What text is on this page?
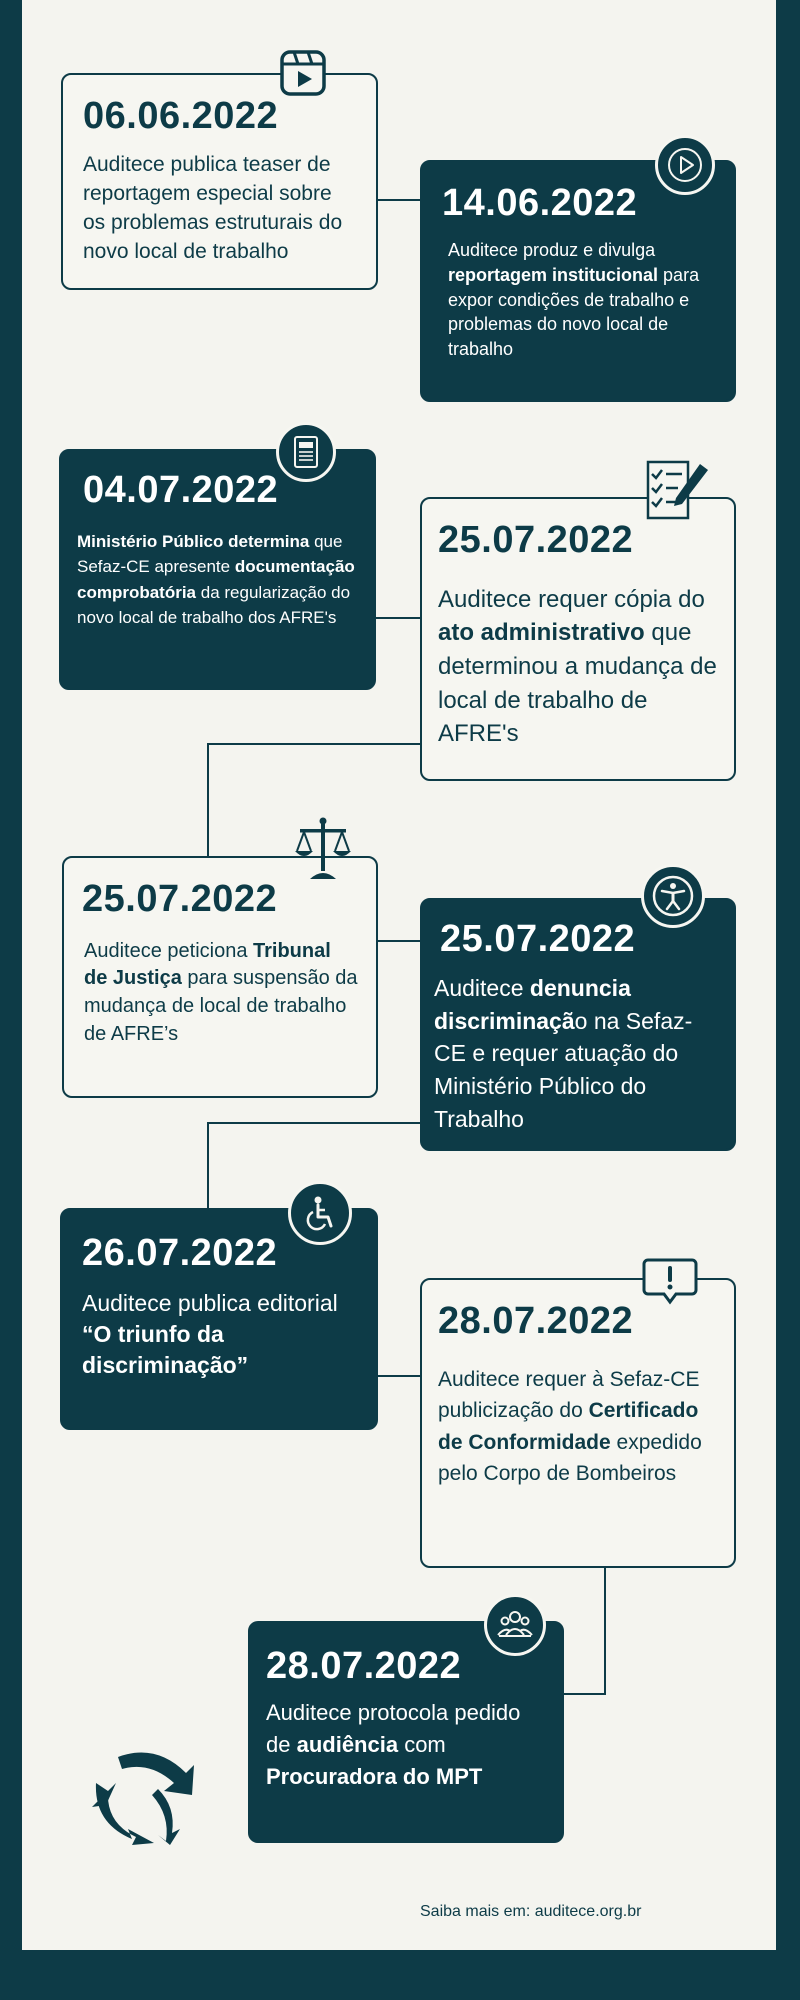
06.06.2022
Auditece publica teaser de reportagem especial sobre os problemas estruturais do novo local de trabalho
14.06.2022
Auditece produz e divulga reportagem institucional para expor condições de trabalho e problemas do novo local de trabalho
04.07.2022
Ministério Público determina que Sefaz-CE apresente documentação comprobatória da regularização do novo local de trabalho dos AFRE's
25.07.2022
Auditece requer cópia do ato administrativo que determinou a mudança de local de trabalho de AFRE's
25.07.2022
Auditece peticiona Tribunal de Justiça para suspensão da mudança de local de trabalho de AFRE’s
25.07.2022
Auditece denuncia discriminação na Sefaz-CE e requer atuação do Ministério Público do Trabalho
26.07.2022
Auditece publica editorial “O triunfo da discriminação”
28.07.2022
Auditece requer à Sefaz-CE publicização do Certificado de Conformidade expedido pelo Corpo de Bombeiros
28.07.2022
Auditece protocola pedido de audiência com Procuradora do MPT
Saiba mais em: auditece.org.br
